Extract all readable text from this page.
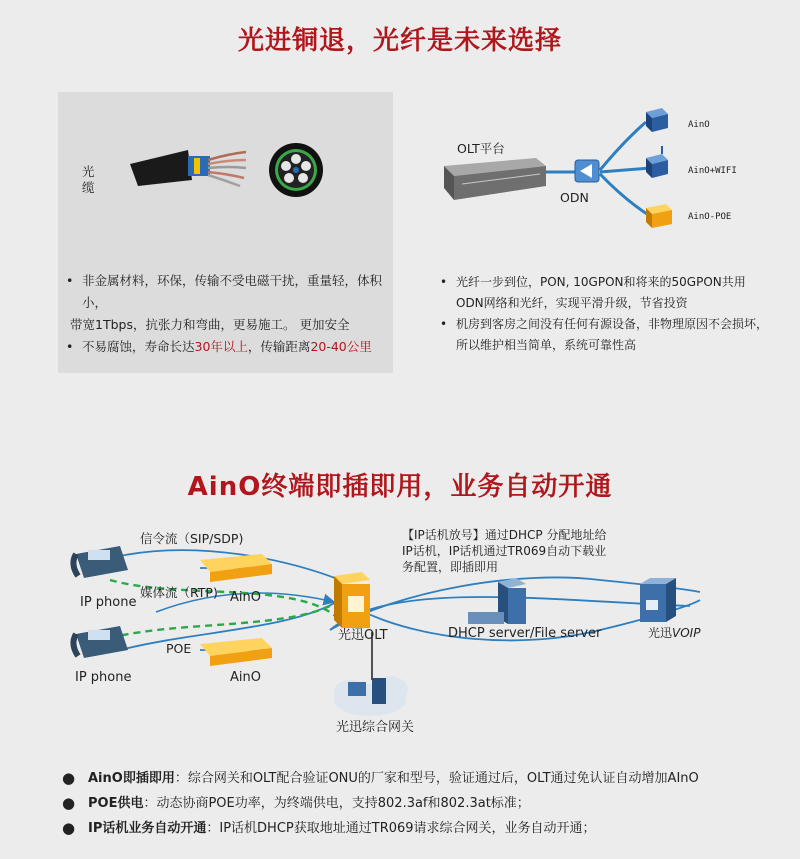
光进铜退，光纤是未来选择
光缆
• 非金属材料，环保，传输不受电磁干扰，重量轻，体积小，
带宽1Tbps，抗张力和弯曲，更易施工。 更加安全
• 不易腐蚀，寿命长达30年以上，传输距离20-40公里
OLT平台
ODN
AinO
AinO+WIFI
AinO-POE
• 光纤一步到位，PON, 10GPON和将来的50GPON共用
ODN网络和光纤，实现平滑升级，节省投资
• 机房到客房之间没有任何有源设备，非物理原因不会损坏，
所以维护相当简单，系统可靠性高
AinO终端即插即用，业务自动开通
信令流（SIP/SDP)
媒体流（RTP)
POE
IP phone
IP phone
AinO
AinO
光迅OLT
光迅综合网关
DHCP server/File server	光迅VOIP
【IP话机放号】通过DHCP 分配地址给
IP话机，IP话机通过TR069自动下载业
务配置，即插即用
● AinO即插即用：综合网关和OLT配合验证ONU的厂家和型号，验证通过后，OLT通过免认证自动增加AInO
● POE供电：动态协商POE功率，为终端供电，支持802.3af和802.3at标准；
● IP话机业务自动开通：IP话机DHCP获取地址通过TR069请求综合网关，业务自动开通；
